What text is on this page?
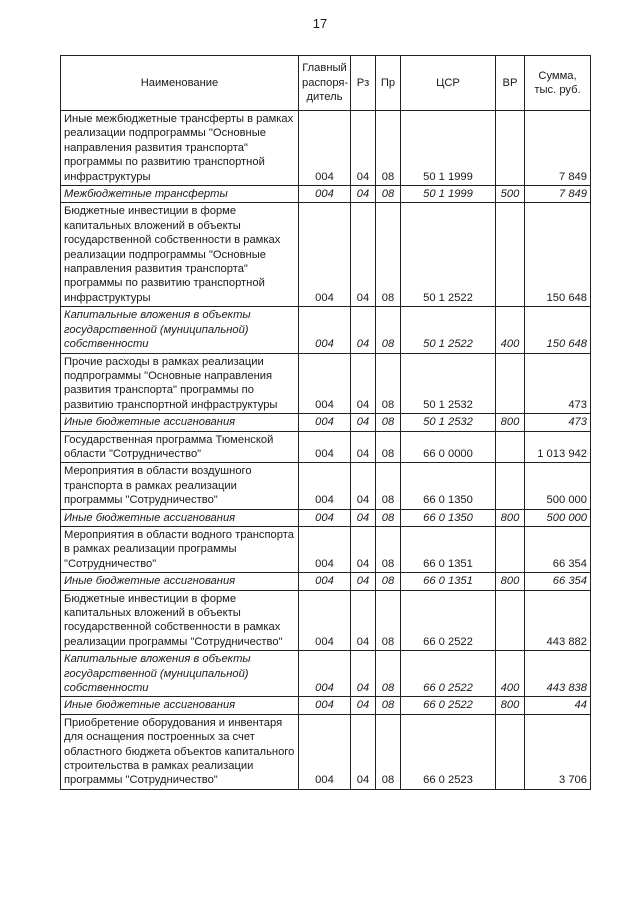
17
Наименование	Главный распоря-дитель	Рз	Пр	ЦСР	ВР	Сумма, тыс. руб.
Иные межбюджетные трансферты в рамках реализации подпрограммы "Основные направления развития транспорта" программы по развитию транспортной инфраструктуры	004	04	08	50 1 1999		7 849
Межбюджетные трансферты	004	04	08	50 1 1999	500	7 849
Бюджетные инвестиции в форме капитальных вложений в объекты государственной собственности в рамках реализации подпрограммы "Основные направления развития транспорта" программы по развитию транспортной инфраструктуры	004	04	08	50 1 2522		150 648
Капитальные вложения в объекты государственной (муниципальной) собственности	004	04	08	50 1 2522	400	150 648
Прочие расходы в рамках реализации подпрограммы "Основные направления развития транспорта" программы по развитию транспортной инфраструктуры	004	04	08	50 1 2532		473
Иные бюджетные ассигнования	004	04	08	50 1 2532	800	473
Государственная программа Тюменской области "Сотрудничество"	004	04	08	66 0 0000		1 013 942
Мероприятия в области воздушного транспорта в рамках реализации программы "Сотрудничество"	004	04	08	66 0 1350		500 000
Иные бюджетные ассигнования	004	04	08	66 0 1350	800	500 000
Мероприятия в области водного транспорта в рамках реализации программы "Сотрудничество"	004	04	08	66 0 1351		66 354
Иные бюджетные ассигнования	004	04	08	66 0 1351	800	66 354
Бюджетные инвестиции в форме капитальных вложений в объекты государственной собственности в рамках реализации программы "Сотрудничество"	004	04	08	66 0 2522		443 882
Капитальные вложения в объекты государственной (муниципальной) собственности	004	04	08	66 0 2522	400	443 838
Иные бюджетные ассигнования	004	04	08	66 0 2522	800	44
Приобретение оборудования и инвентаря для оснащения построенных за счет областного бюджета объектов капитального строительства в рамках реализации программы "Сотрудничество"	004	04	08	66 0 2523		3 706
